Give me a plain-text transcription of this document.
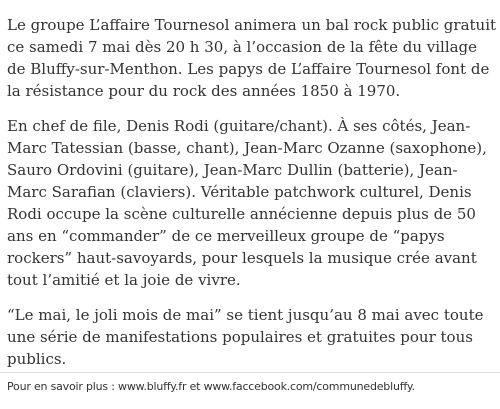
Le groupe L’affaire Tournesol animera un bal rock public gratuit ce samedi 7 mai dès 20 h 30, à l’occasion de la fête du village de Bluffy-sur-Menthon. Les papys de L’affaire Tournesol font de la résistance pour du rock des années 1850 à 1970.

En chef de file, Denis Rodi (guitare/chant). À ses côtés, Jean-Marc Tatessian (basse, chant), Jean-Marc Ozanne (saxophone), Sauro Ordovini (guitare), Jean-Marc Dullin (batterie), Jean-Marc Sarafian (claviers). Véritable patchwork culturel, Denis Rodi occupe la scène culturelle annécienne depuis plus de 50 ans en “commander” de ce merveilleux groupe de “papys rockers” haut-savoyards, pour lesquels la musique crée avant tout l’amitié et la joie de vivre.

“Le mai, le joli mois de mai” se tient jusqu’au 8 mai avec toute une série de manifestations populaires et gratuites pour tous publics.

Pour en savoir plus : www.bluffy.fr et www.faccebook.com/communedebluffy.
